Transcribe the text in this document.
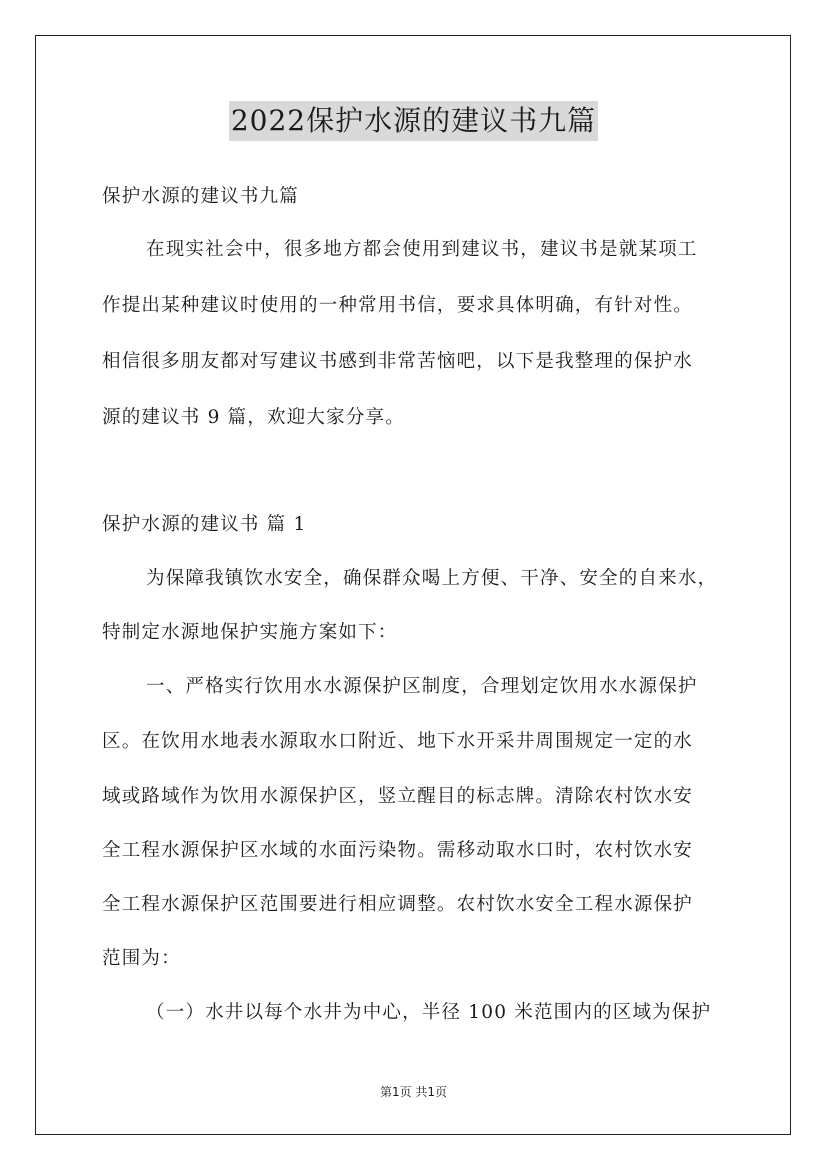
2022保护水源的建议书九篇

保护水源的建议书九篇

在现实社会中，很多地方都会使用到建议书，建议书是就某项工

作提出某种建议时使用的一种常用书信，要求具体明确，有针对性。

相信很多朋友都对写建议书感到非常苦恼吧，以下是我整理的保护水

源的建议书 9 篇，欢迎大家分享。

保护水源的建议书 篇 1

为保障我镇饮水安全，确保群众喝上方便、干净、安全的自来水，

特制定水源地保护实施方案如下：

一、严格实行饮用水水源保护区制度，合理划定饮用水水源保护

区。在饮用水地表水源取水口附近、地下水开采井周围规定一定的水

域或路域作为饮用水源保护区，竖立醒目的标志牌。清除农村饮水安

全工程水源保护区水域的水面污染物。需移动取水口时，农村饮水安

全工程水源保护区范围要进行相应调整。农村饮水安全工程水源保护

范围为：

（一）水井以每个水井为中心，半径 100 米范围内的区域为保护

第1页 共1页
